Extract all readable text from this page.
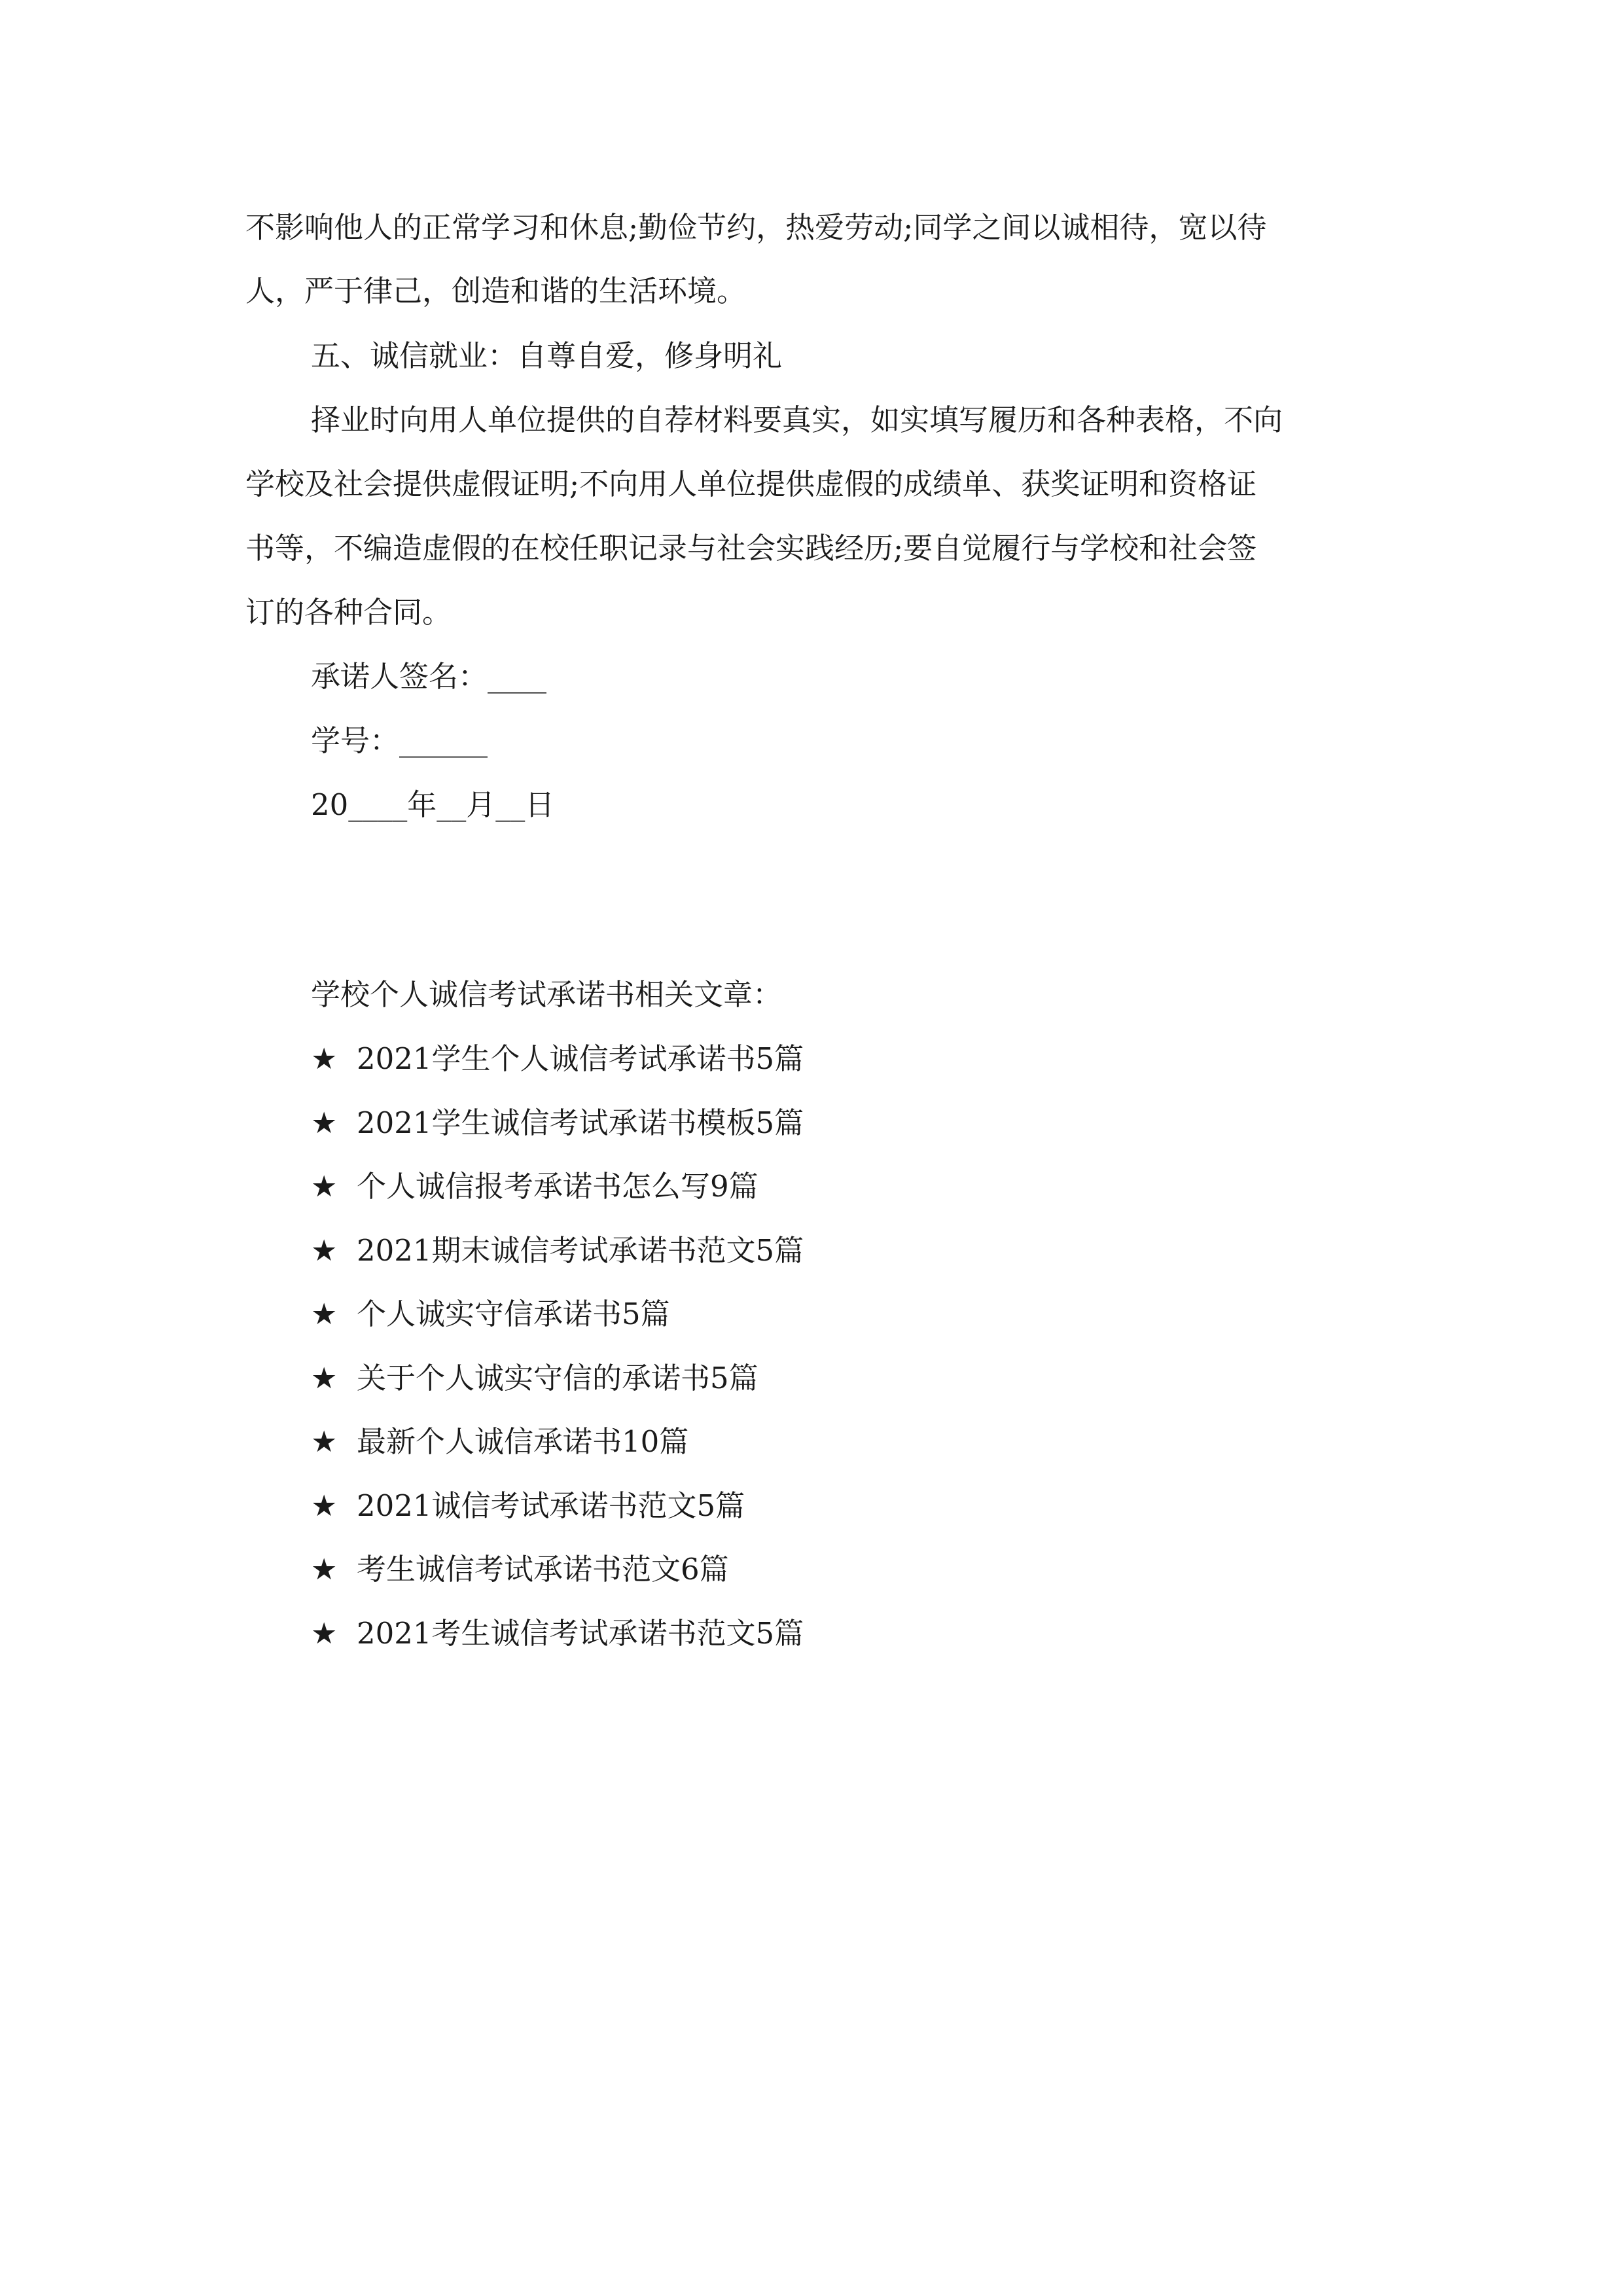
不影响他人的正常学习和休息;勤俭节约，热爱劳动;同学之间以诚相待，宽以待
人，严于律己，创造和谐的生活环境。
五、诚信就业：自尊自爱，修身明礼
择业时向用人单位提供的自荐材料要真实，如实填写履历和各种表格，不向
学校及社会提供虚假证明;不向用人单位提供虚假的成绩单、获奖证明和资格证
书等，不编造虚假的在校任职记录与社会实践经历;要自觉履行与学校和社会签
订的各种合同。
承诺人签名：____
学号：______
20____年__月__日
学校个人诚信考试承诺书相关文章：
★ 2021学生个人诚信考试承诺书5篇
★ 2021学生诚信考试承诺书模板5篇
★ 个人诚信报考承诺书怎么写9篇
★ 2021期末诚信考试承诺书范文5篇
★ 个人诚实守信承诺书5篇
★ 关于个人诚实守信的承诺书5篇
★ 最新个人诚信承诺书10篇
★ 2021诚信考试承诺书范文5篇
★ 考生诚信考试承诺书范文6篇
★ 2021考生诚信考试承诺书范文5篇
